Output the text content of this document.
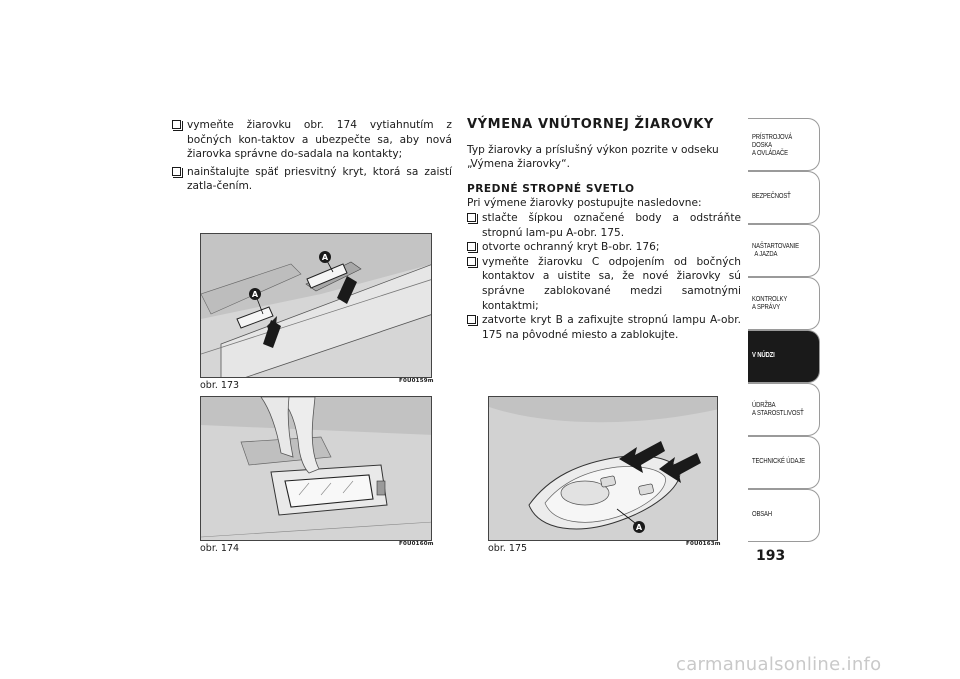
vymeňte žiarovku obr. 174 vytiahnutím z bočných kon-taktov a ubezpečte sa, aby nová žiarovka správne do-sadala na kontakty;
nainštalujte späť priesvitný kryt, ktorá sa zaistí zatla-čením.
VÝMENA VNÚTORNEJ ŽIAROVKY
Typ žiarovky a príslušný výkon pozrite v odseku „Výmena žiarovky“.
PREDNÉ STROPNÉ SVETLO
Pri výmene žiarovky postupujte nasledovne:
stlačte šípkou označené body a odstráňte stropnú lam-pu A-obr. 175.
otvorte ochranný kryt B-obr. 176;
vymeňte žiarovku C odpojením od bočných kontaktov a uistite sa, že nové žiarovky sú správne zablokované medzi samotnými kontaktmi;
zatvorte kryt B a zafixujte stropnú lampu A-obr. 175 na pôvodné miesto a zablokujte.
A
A
obr. 173	F0U0159m
obr. 174	F0U0160m
A
obr. 175	F0U0163m
PRÍSTROJOVÁ
DOSKA
A OVLÁDAČE
BEZPEČNOSŤ
NAŠTARTOVANIE
A JAZDA
KONTROLKY
A SPRÁVY
V NÚDZI
ÚDRŽBA
A STAROSTLIVOSŤ
TECHNICKÉ ÚDAJE
OBSAH
193
carmanualsonline.info
